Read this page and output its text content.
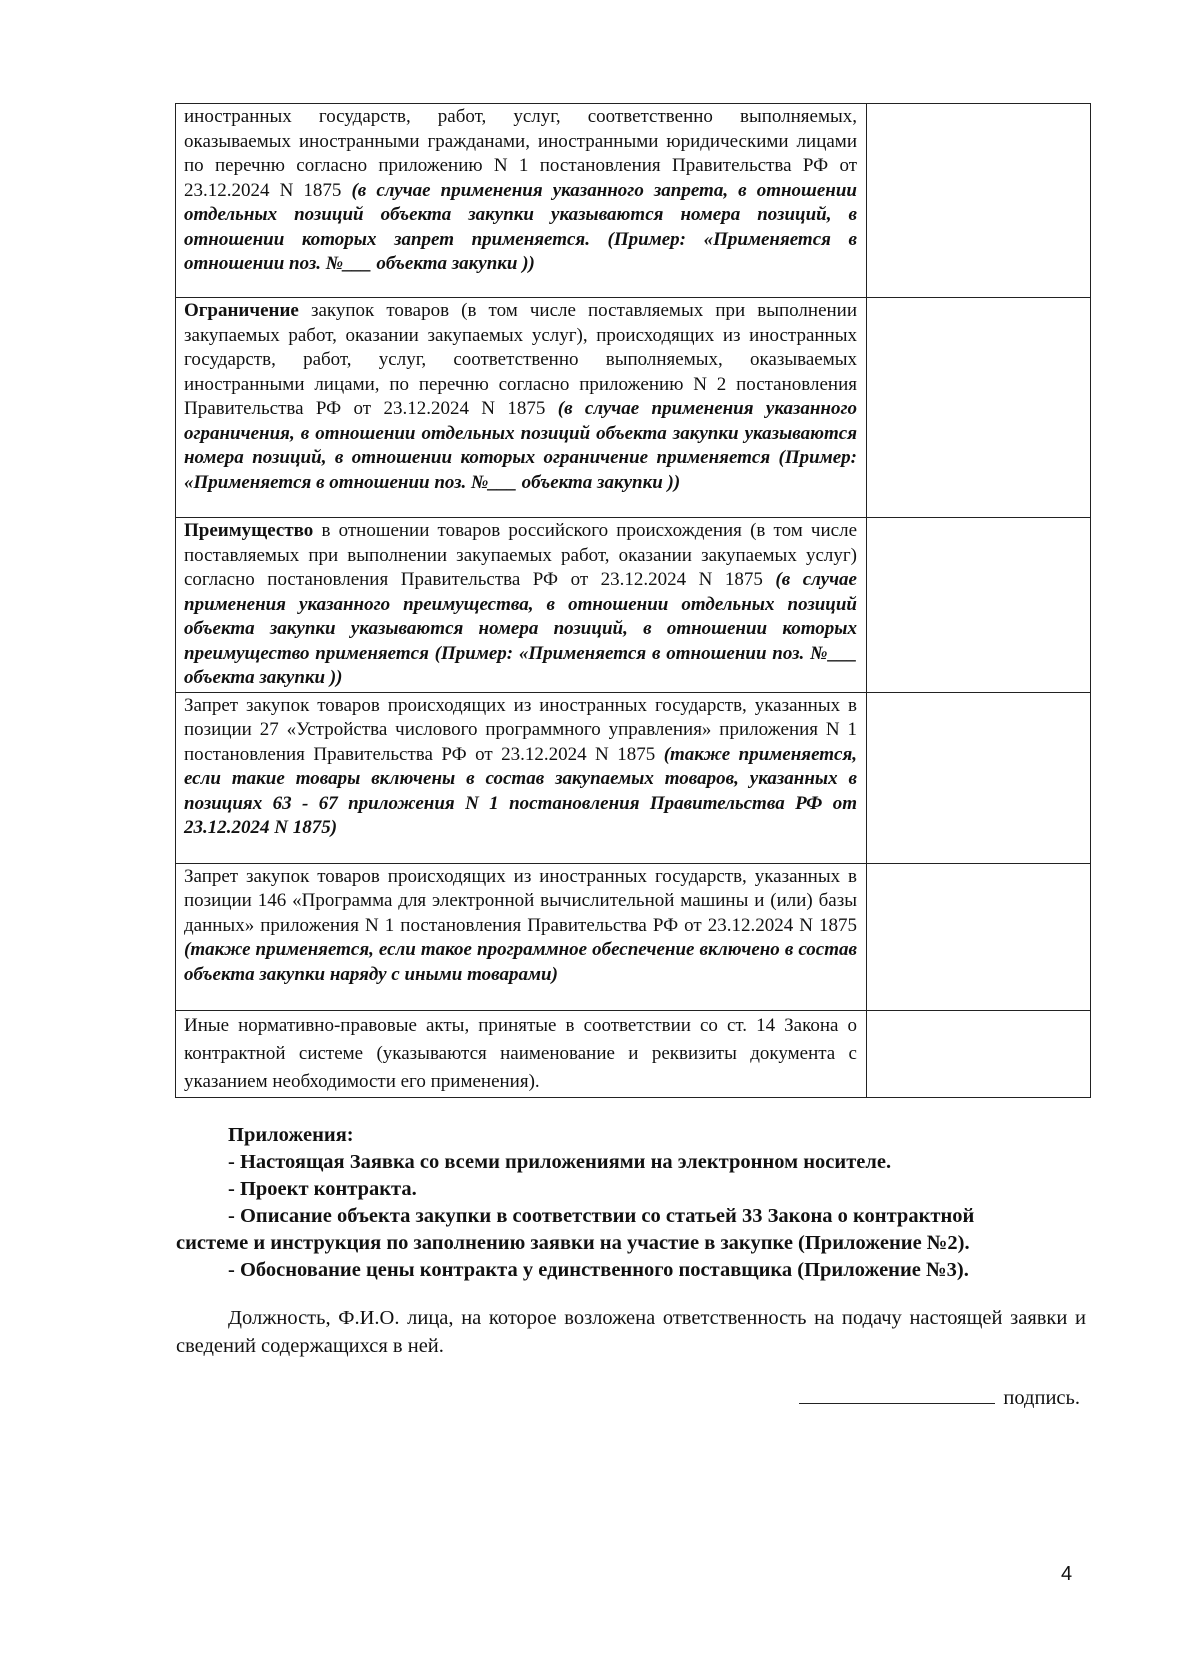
иностранных государств, работ, услуг, соответственно выполняемых, оказываемых иностранными гражданами, иностранными юридическими лицами по перечню согласно приложению N 1 постановления Правительства РФ от 23.12.2024 N 1875 (в случае применения указанного запрета, в отношении отдельных позиций объекта закупки указываются номера позиций, в отношении которых запрет применяется. (Пример: «Применяется в отношении поз. №___ объекта закупки ))	
Ограничение закупок товаров (в том числе поставляемых при выполнении закупаемых работ, оказании закупаемых услуг), происходящих из иностранных государств, работ, услуг, соответственно выполняемых, оказываемых иностранными лицами, по перечню согласно приложению N 2 постановления Правительства РФ от 23.12.2024 N 1875 (в случае применения указанного ограничения, в отношении отдельных позиций объекта закупки указываются номера позиций, в отношении которых ограничение применяется (Пример: «Применяется в отношении поз. №___ объекта закупки ))	
Преимущество в отношении товаров российского происхождения (в том числе поставляемых при выполнении закупаемых работ, оказании закупаемых услуг) согласно постановления Правительства РФ от 23.12.2024 N 1875 (в случае применения указанного преимущества, в отношении отдельных позиций объекта закупки указываются номера позиций, в отношении которых преимущество применяется (Пример: «Применяется в отношении поз. №___ объекта закупки ))	
Запрет закупок товаров происходящих из иностранных государств, указанных в позиции 27 «Устройства числового программного управления» приложения N 1 постановления Правительства РФ от 23.12.2024 N 1875 (также применяется, если такие товары включены в состав закупаемых товаров, указанных в позициях 63 - 67 приложения N 1 постановления Правительства РФ от 23.12.2024 N 1875)	
Запрет закупок товаров происходящих из иностранных государств, указанных в позиции 146 «Программа для электронной вычислительной машины и (или) базы данных» приложения N 1 постановления Правительства РФ от 23.12.2024 N 1875 (также применяется, если такое программное обеспечение включено в состав объекта закупки наряду с иными товарами)	
Иные нормативно-правовые акты, принятые в соответствии со ст. 14 Закона о контрактной системе (указываются наименование и реквизиты документа с указанием необходимости его применения).	
Приложения:
- Настоящая Заявка со всеми приложениями на электронном носителе.
- Проект контракта.
- Описание объекта закупки в соответствии со статьей 33 Закона о контрактной
системе и инструкция по заполнению заявки на участие в закупке (Приложение №2).
- Обоснование цены контракта у единственного поставщика (Приложение №3).
Должность, Ф.И.О. лица, на которое возложена ответственность на подачу настоящей заявки и сведений содержащихся в ней.
подпись.
4
